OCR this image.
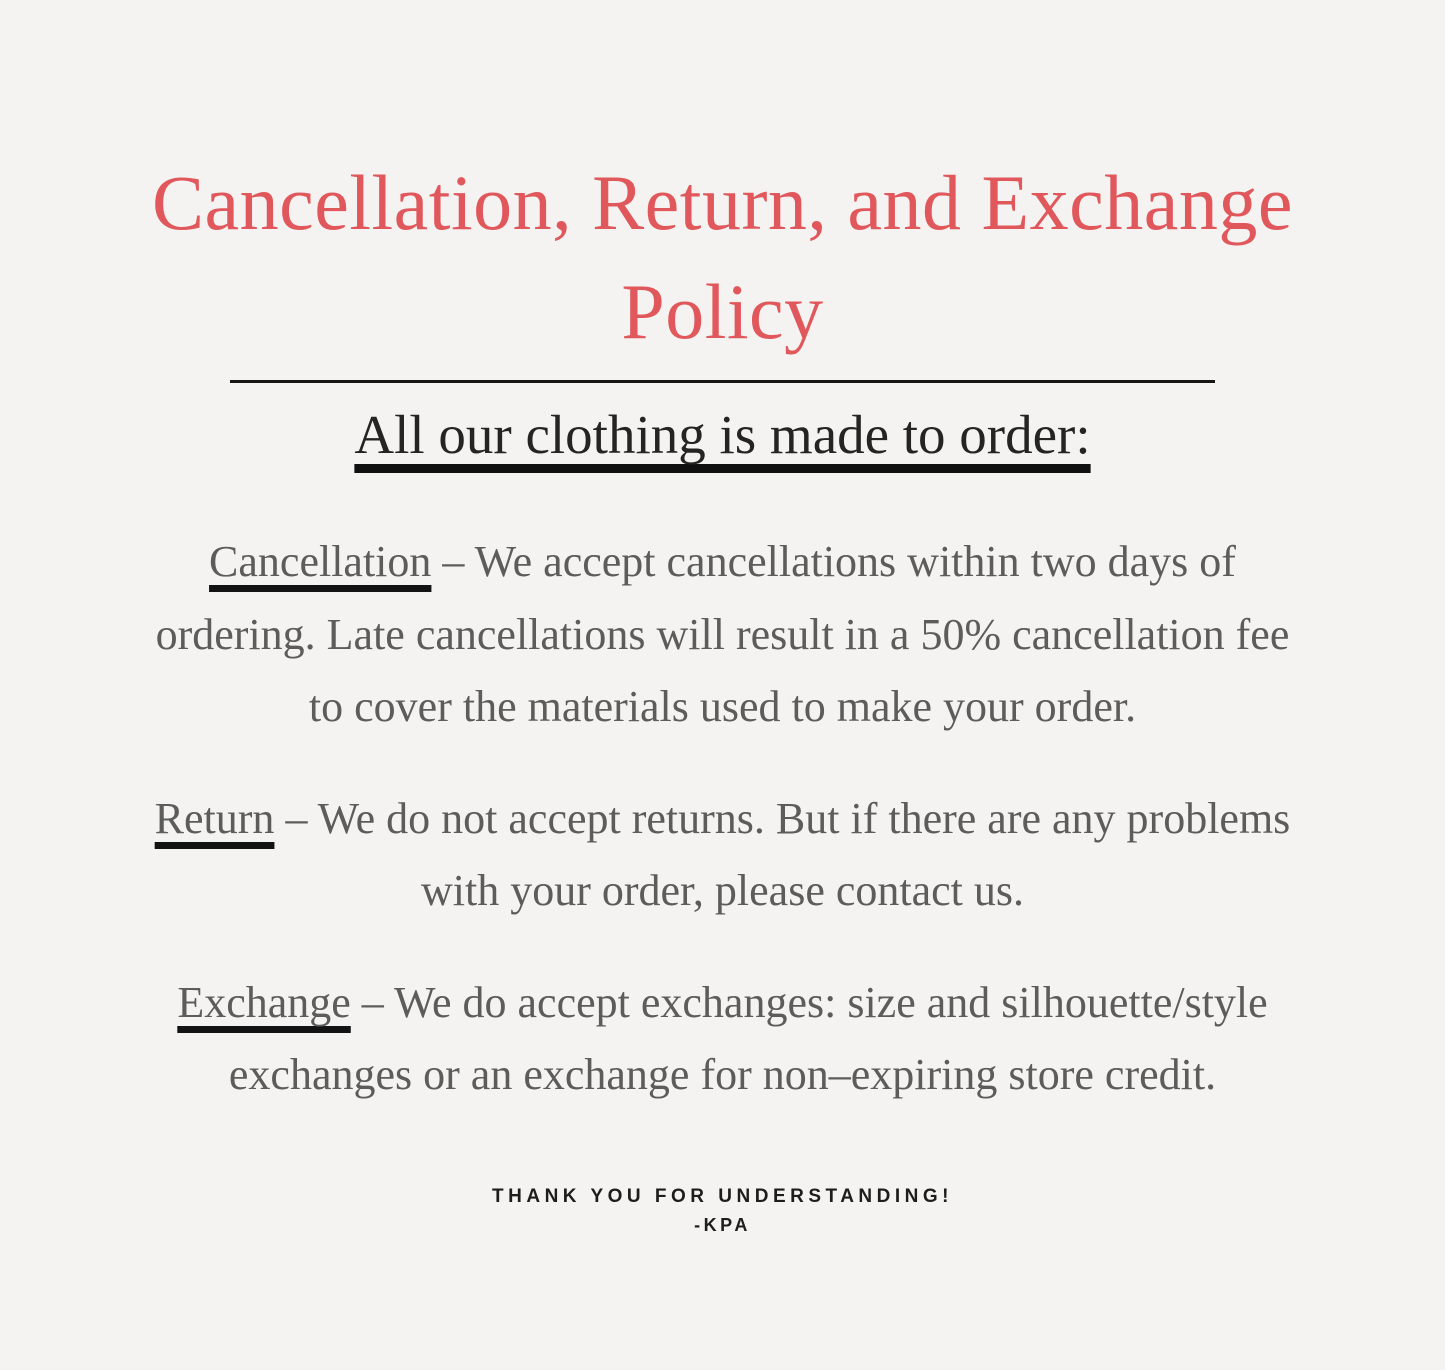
Cancellation, Return, and Exchange
Policy
All our clothing is made to order:

Cancellation – We accept cancellations within two days of
ordering. Late cancellations will result in a 50% cancellation fee
to cover the materials used to make your order.

Return – We do not accept returns. But if there are any problems
with your order, please contact us.

Exchange – We do accept exchanges: size and silhouette/style
exchanges or an exchange for non–expiring store credit.

THANK YOU FOR UNDERSTANDING!
-KPA
